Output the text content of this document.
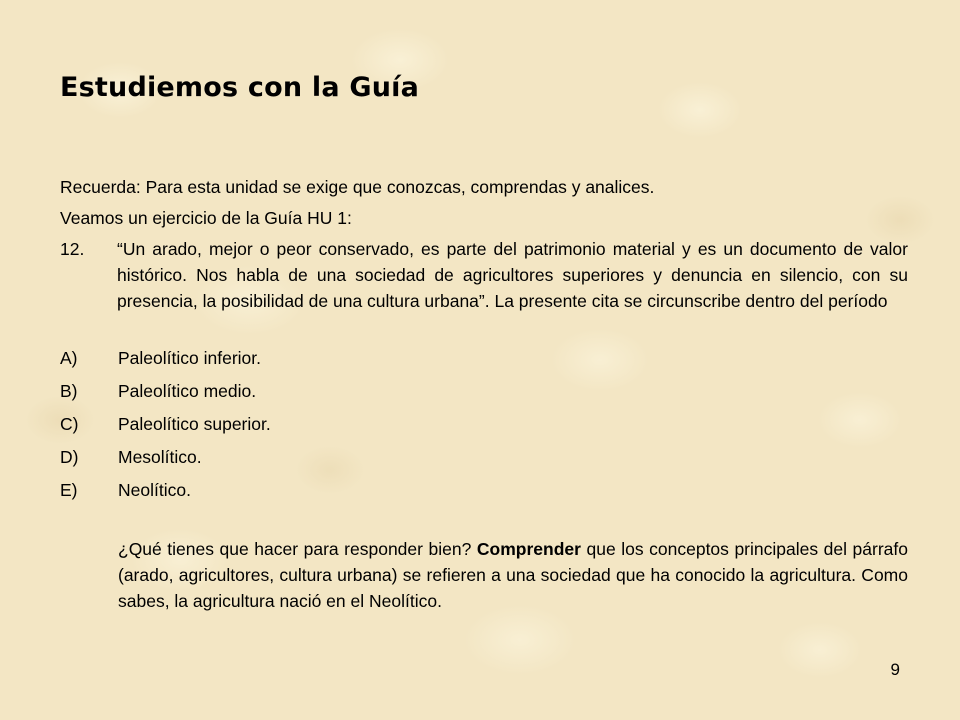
Estudiemos con la Guía

Recuerda: Para esta unidad se exige que conozcas, comprendas y analices.

Veamos un ejercicio de la Guía HU 1:

12.	“Un arado, mejor o peor conservado, es parte del patrimonio material y es un documento de valor histórico. Nos habla de una sociedad de agricultores superiores y denuncia en silencio, con su presencia, la posibilidad de una cultura urbana”. La presente cita se circunscribe dentro del período
A)	Paleolítico inferior.
B)	Paleolítico medio.
C)	Paleolítico superior.
D)	Mesolítico.
E)	Neolítico.
¿Qué tienes que hacer para responder bien? Comprender que los conceptos principales del párrafo (arado, agricultores, cultura urbana) se refieren a una sociedad que ha conocido la agricultura. Como sabes, la agricultura nació en el Neolítico.
9
